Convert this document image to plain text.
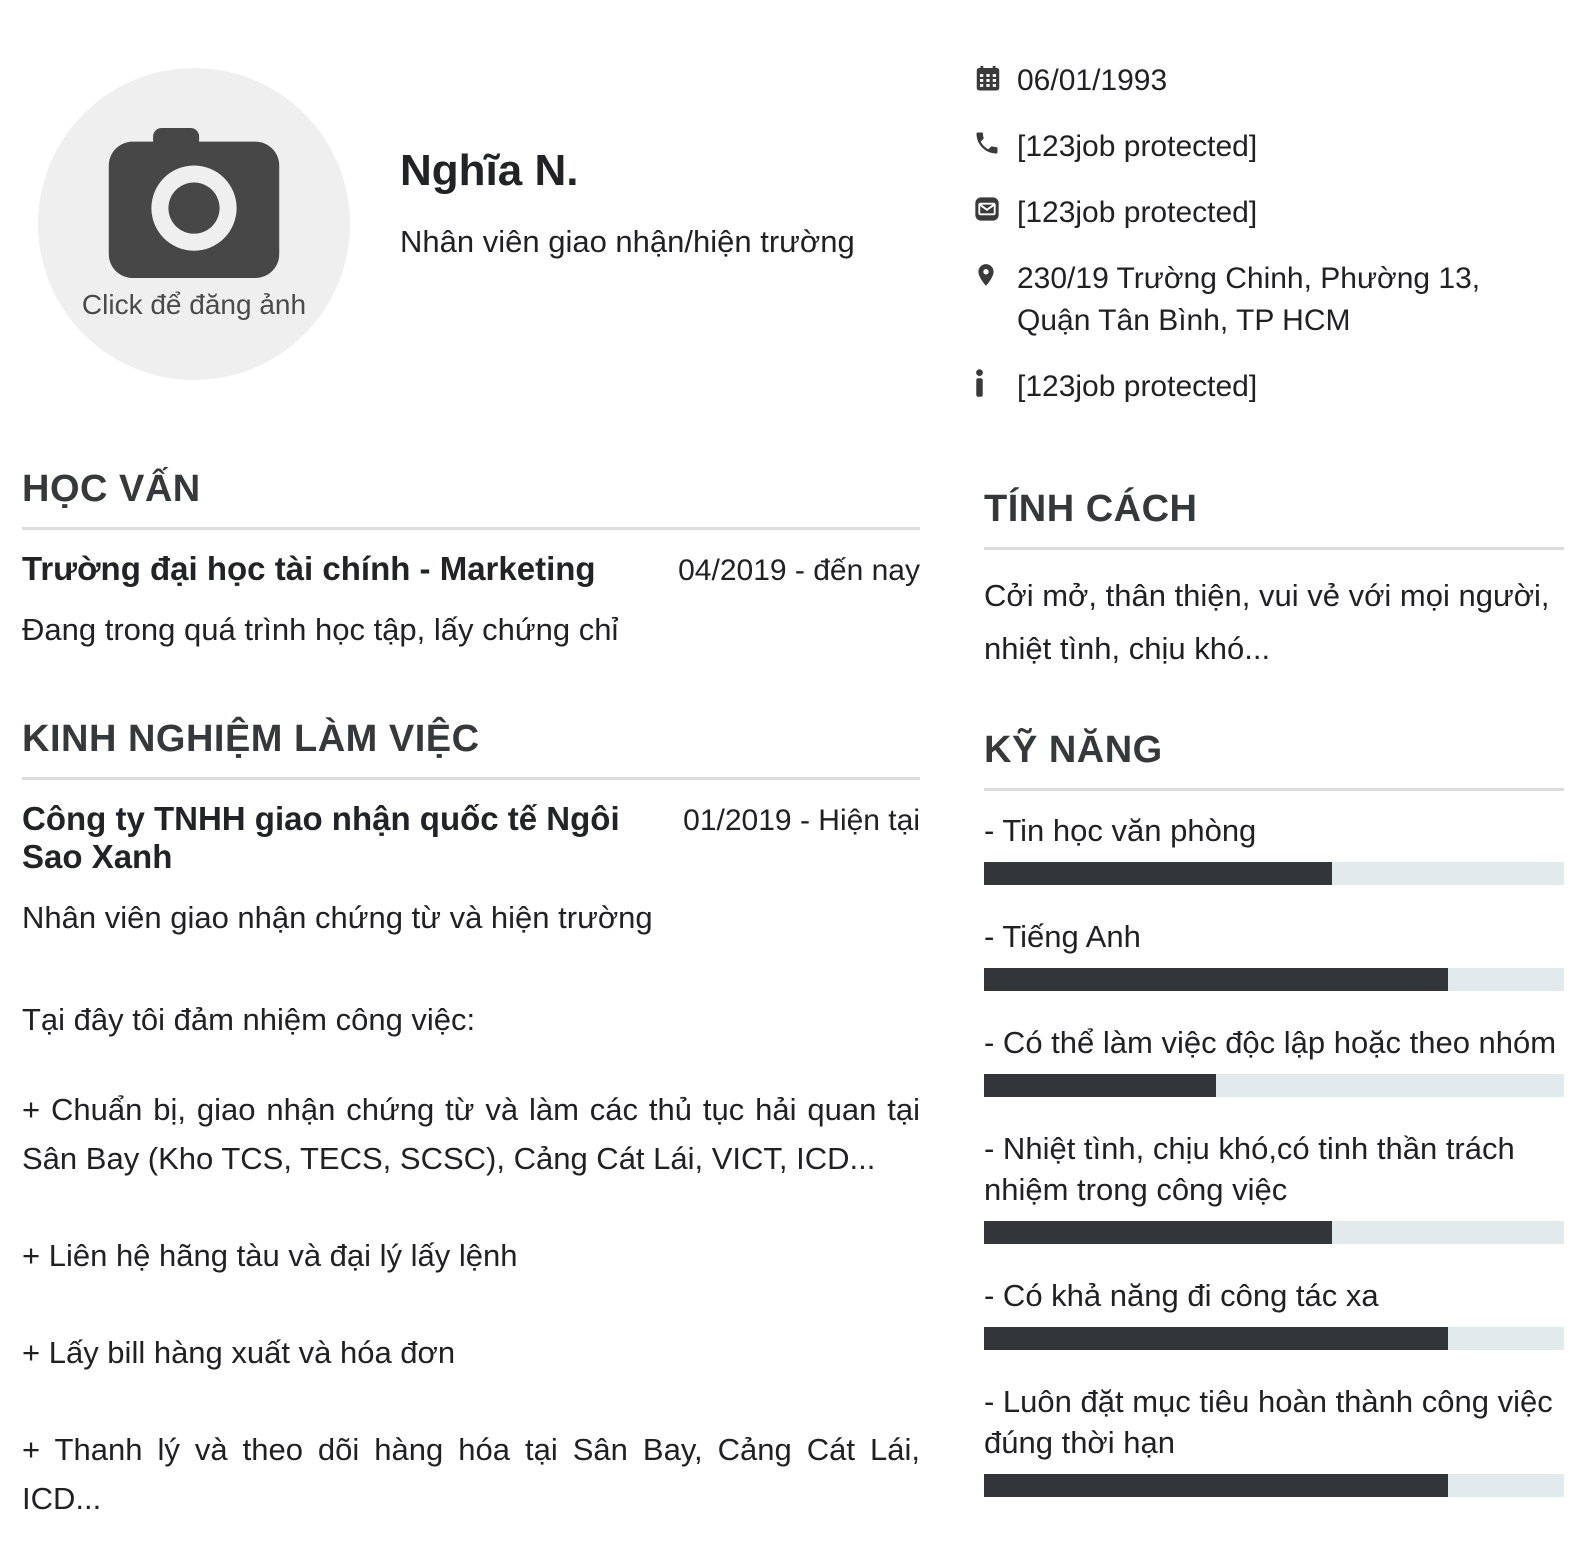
Click để đăng ảnh
Nghĩa N.
Nhân viên giao nhận/hiện trường
06/01/1993
[123job protected]
[123job protected]
230/19 Trường Chinh, Phường 13, Quận Tân Bình, TP HCM
[123job protected]
HỌC VẤN
Trường đại học tài chính - Marketing	04/2019 - đến nay
Đang trong quá trình học tập, lấy chứng chỉ
KINH NGHIỆM LÀM VIỆC
Công ty TNHH giao nhận quốc tế Ngôi Sao Xanh
01/2019 - Hiện tại
Nhân viên giao nhận chứng từ và hiện trường
Tại đây tôi đảm nhiệm công việc:
+ Chuẩn bị, giao nhận chứng từ và làm các thủ tục hải quan tại Sân Bay (Kho TCS, TECS, SCSC), Cảng Cát Lái, VICT, ICD...
+ Liên hệ hãng tàu và đại lý lấy lệnh
+ Lấy bill hàng xuất và hóa đơn
+ Thanh lý và theo dõi hàng hóa tại Sân Bay, Cảng Cát Lái, ICD...
TÍNH CÁCH
Cởi mở, thân thiện, vui vẻ với mọi người, nhiệt tình, chịu khó...
KỸ NĂNG
- Tin học văn phòng
- Tiếng Anh
- Có thể làm việc độc lập hoặc theo nhóm
- Nhiệt tình, chịu khó,có tinh thần trách nhiệm trong công việc
- Có khả năng đi công tác xa
- Luôn đặt mục tiêu hoàn thành công việc đúng thời hạn
